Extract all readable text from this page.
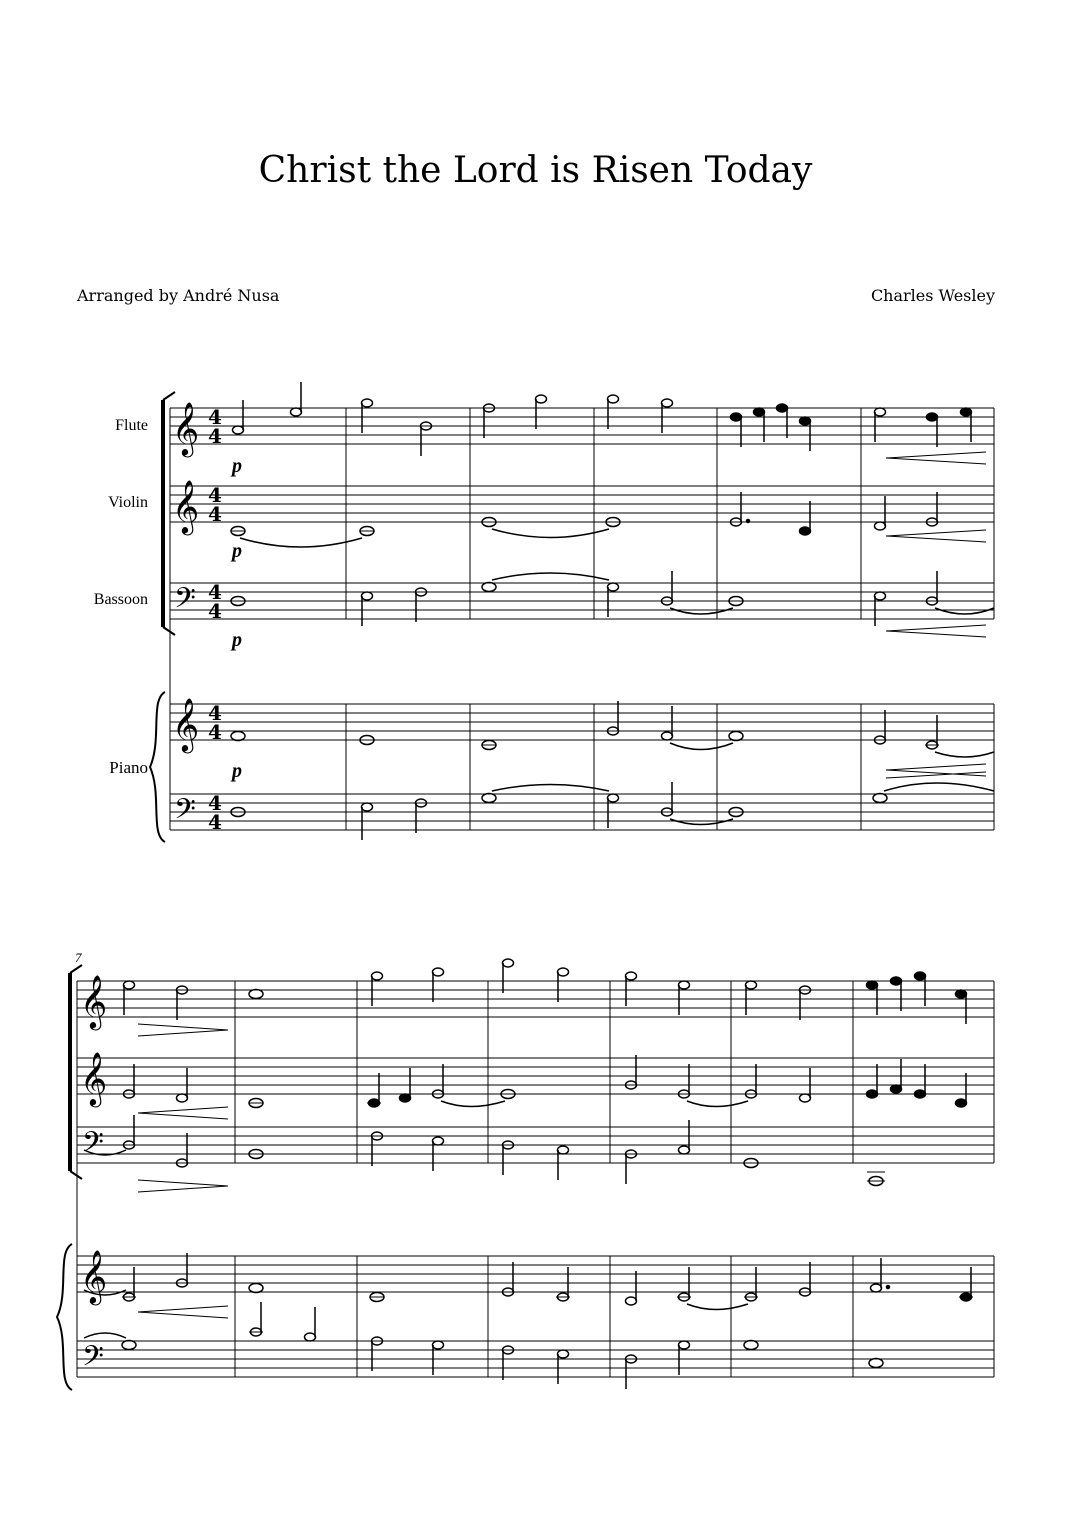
Christ the Lord is Risen Today
Arranged by André Nusa	Charles Wesley
Flute
Violin
Bassoon
Piano
𝄞
𝄞
𝄢
𝄞
𝄢
4
4
4
4
4
4
4
4
4
4
p
p
p
p
7
𝄞
𝄞
𝄢
𝄞
𝄢
